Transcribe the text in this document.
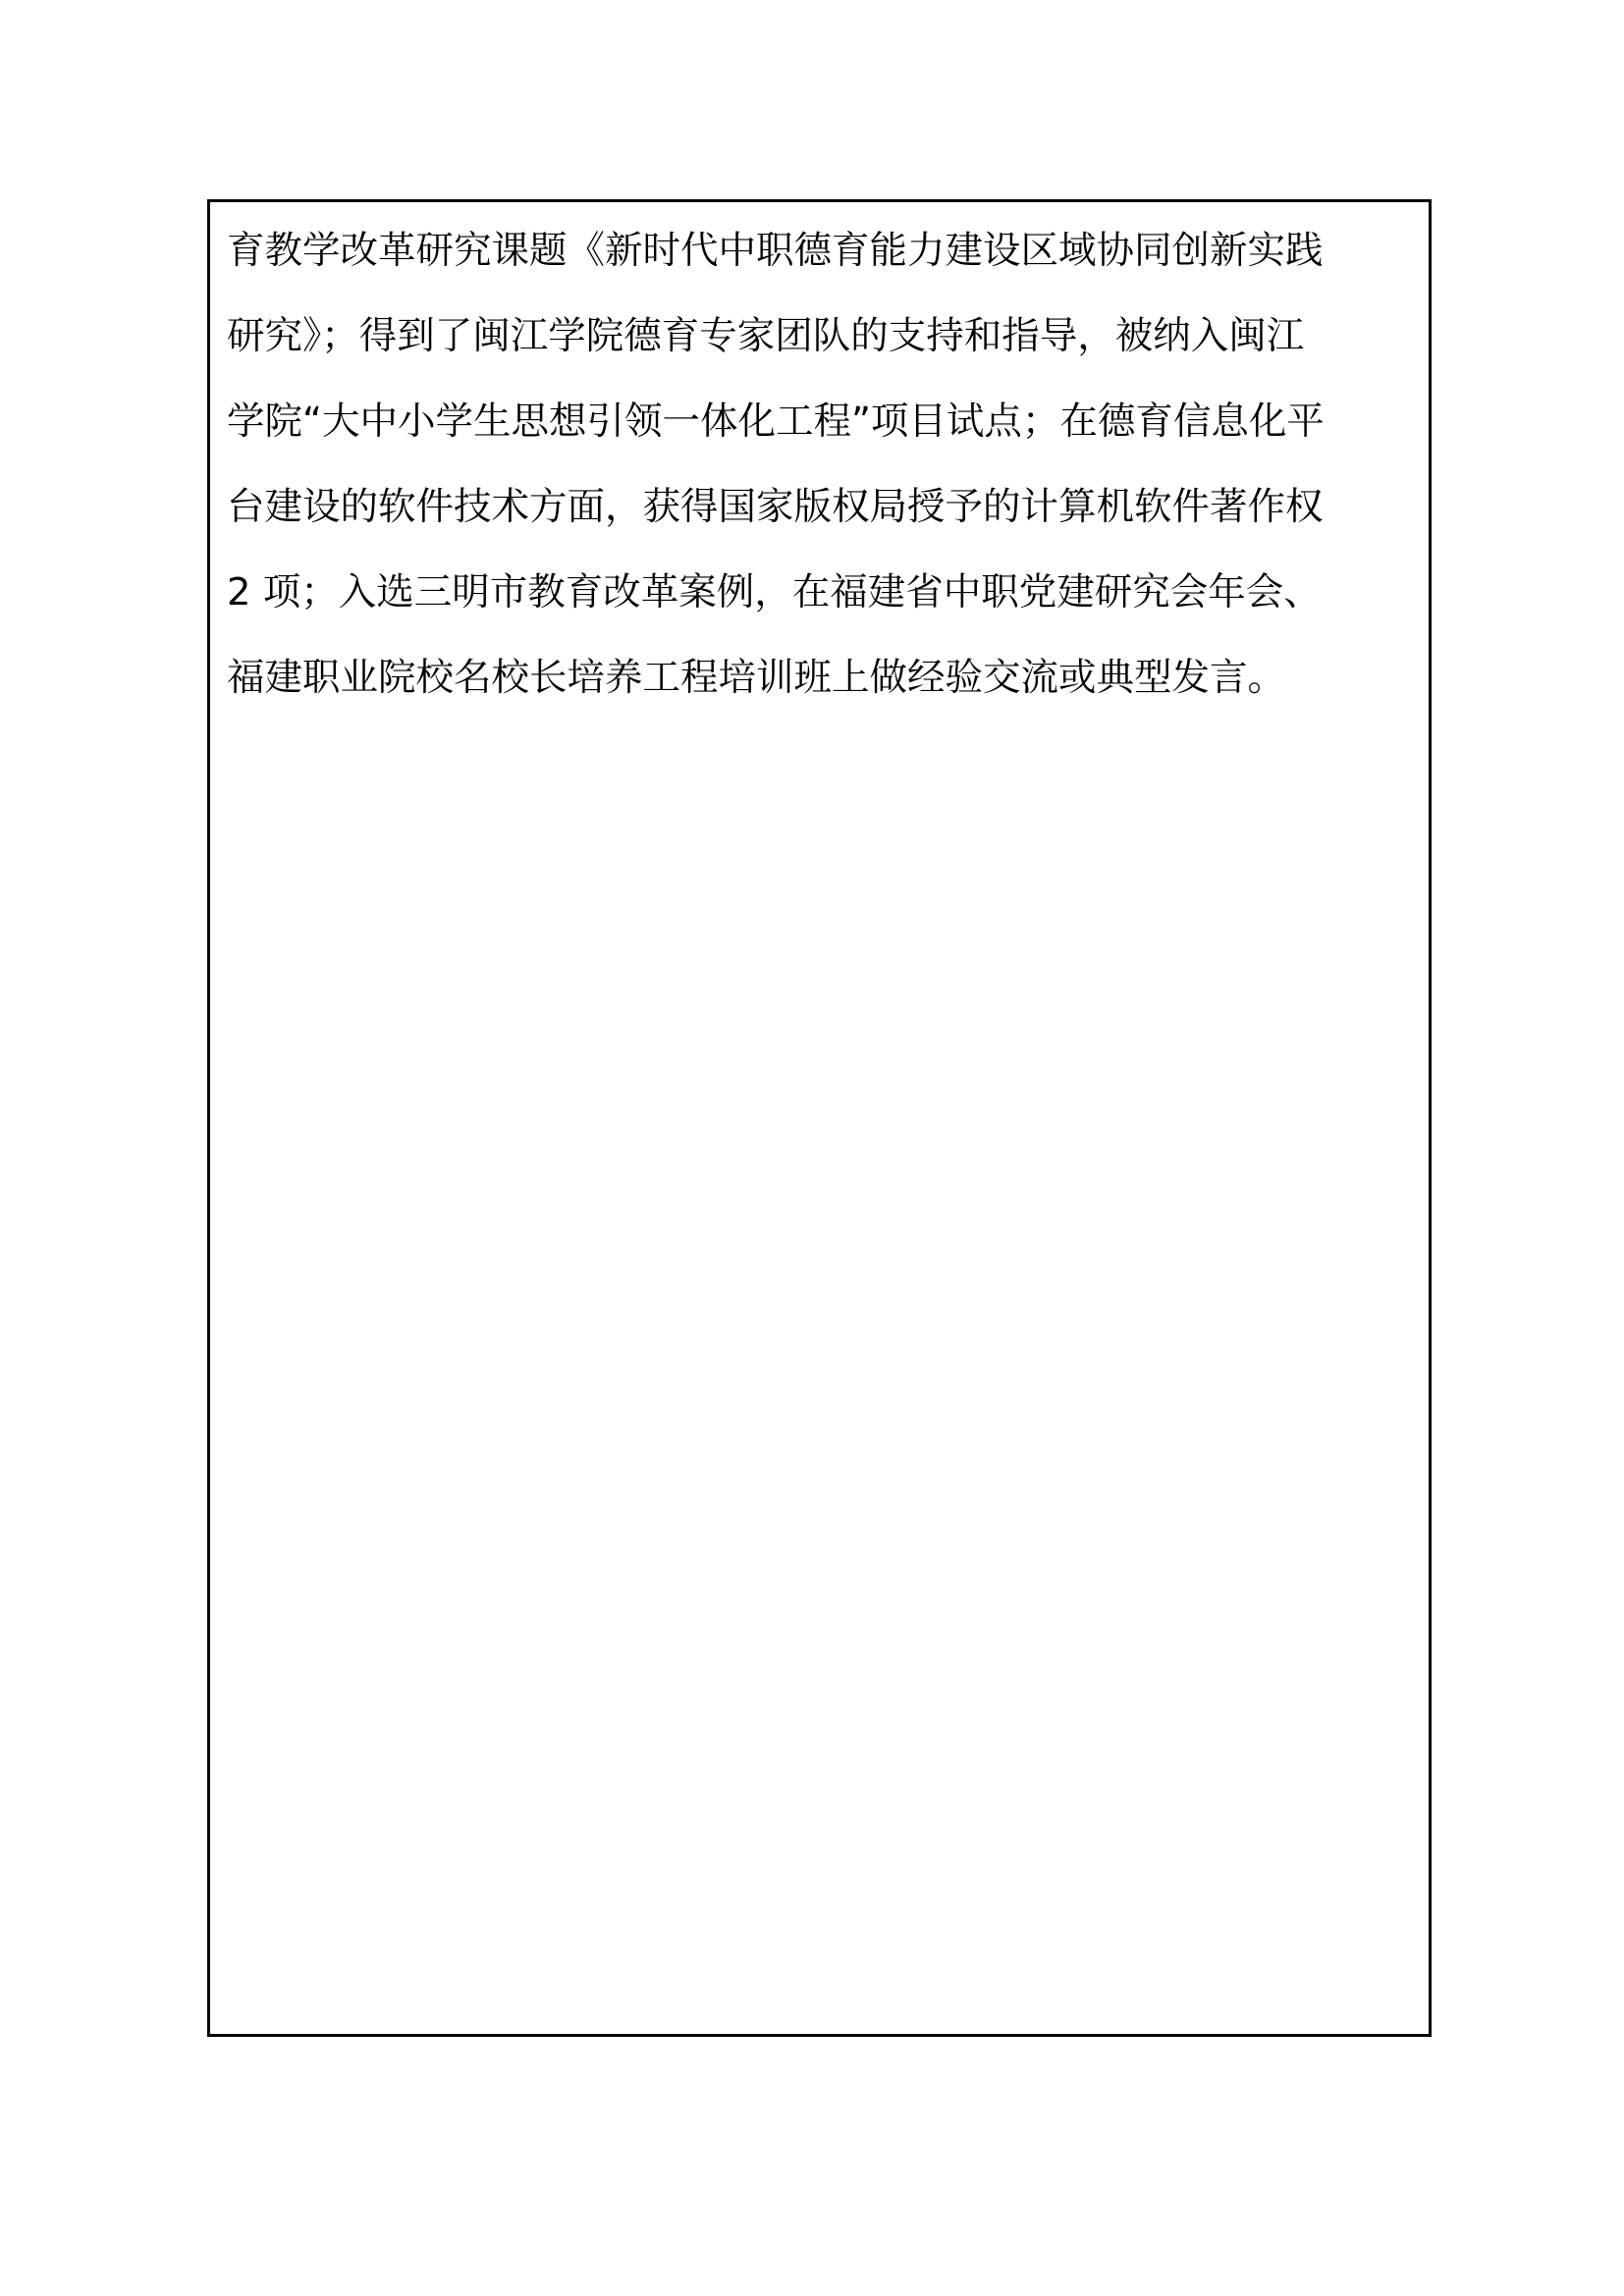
育教学改革研究课题《新时代中职德育能力建设区域协同创新实践
研究》；得到了闽江学院德育专家团队的支持和指导，被纳入闽江
学院“大中小学生思想引领一体化工程”项目试点；在德育信息化平
台建设的软件技术方面，获得国家版权局授予的计算机软件著作权
2 项；入选三明市教育改革案例，在福建省中职党建研究会年会、
福建职业院校名校长培养工程培训班上做经验交流或典型发言。
